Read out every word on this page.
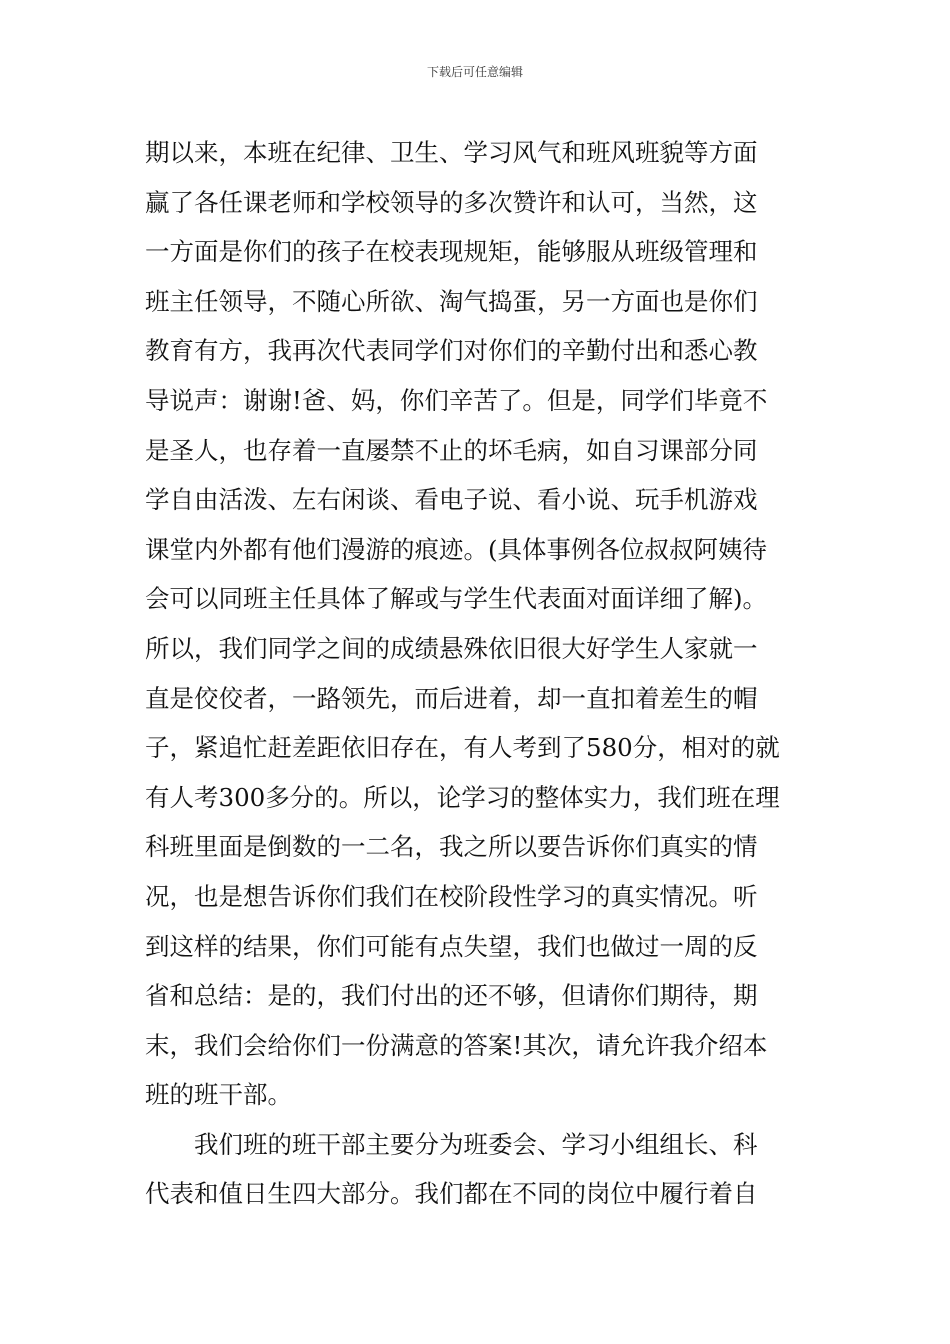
下载后可任意编辑
期以来，本班在纪律、卫生、学习风气和班风班貌等方面
赢了各任课老师和学校领导的多次赞许和认可，当然，这
一方面是你们的孩子在校表现规矩，能够服从班级管理和
班主任领导，不随心所欲、淘气捣蛋，另一方面也是你们
教育有方，我再次代表同学们对你们的辛勤付出和悉心教
导说声：谢谢!爸、妈，你们辛苦了。但是，同学们毕竟不
是圣人，也存着一直屡禁不止的坏毛病，如自习课部分同
学自由活泼、左右闲谈、看电子说、看小说、玩手机游戏
课堂内外都有他们漫游的痕迹。(具体事例各位叔叔阿姨待
会可以同班主任具体了解或与学生代表面对面详细了解)。
所以，我们同学之间的成绩悬殊依旧很大好学生人家就一
直是佼佼者，一路领先，而后进着，却一直扣着差生的帽
子，紧追忙赶差距依旧存在，有人考到了580分，相对的就
有人考300多分的。所以，论学习的整体实力，我们班在理
科班里面是倒数的一二名，我之所以要告诉你们真实的情
况，也是想告诉你们我们在校阶段性学习的真实情况。听
到这样的结果，你们可能有点失望，我们也做过一周的反
省和总结：是的，我们付出的还不够，但请你们期待，期
末，我们会给你们一份满意的答案!其次，请允许我介绍本
班的班干部。
我们班的班干部主要分为班委会、学习小组组长、科
代表和值日生四大部分。我们都在不同的岗位中履行着自
